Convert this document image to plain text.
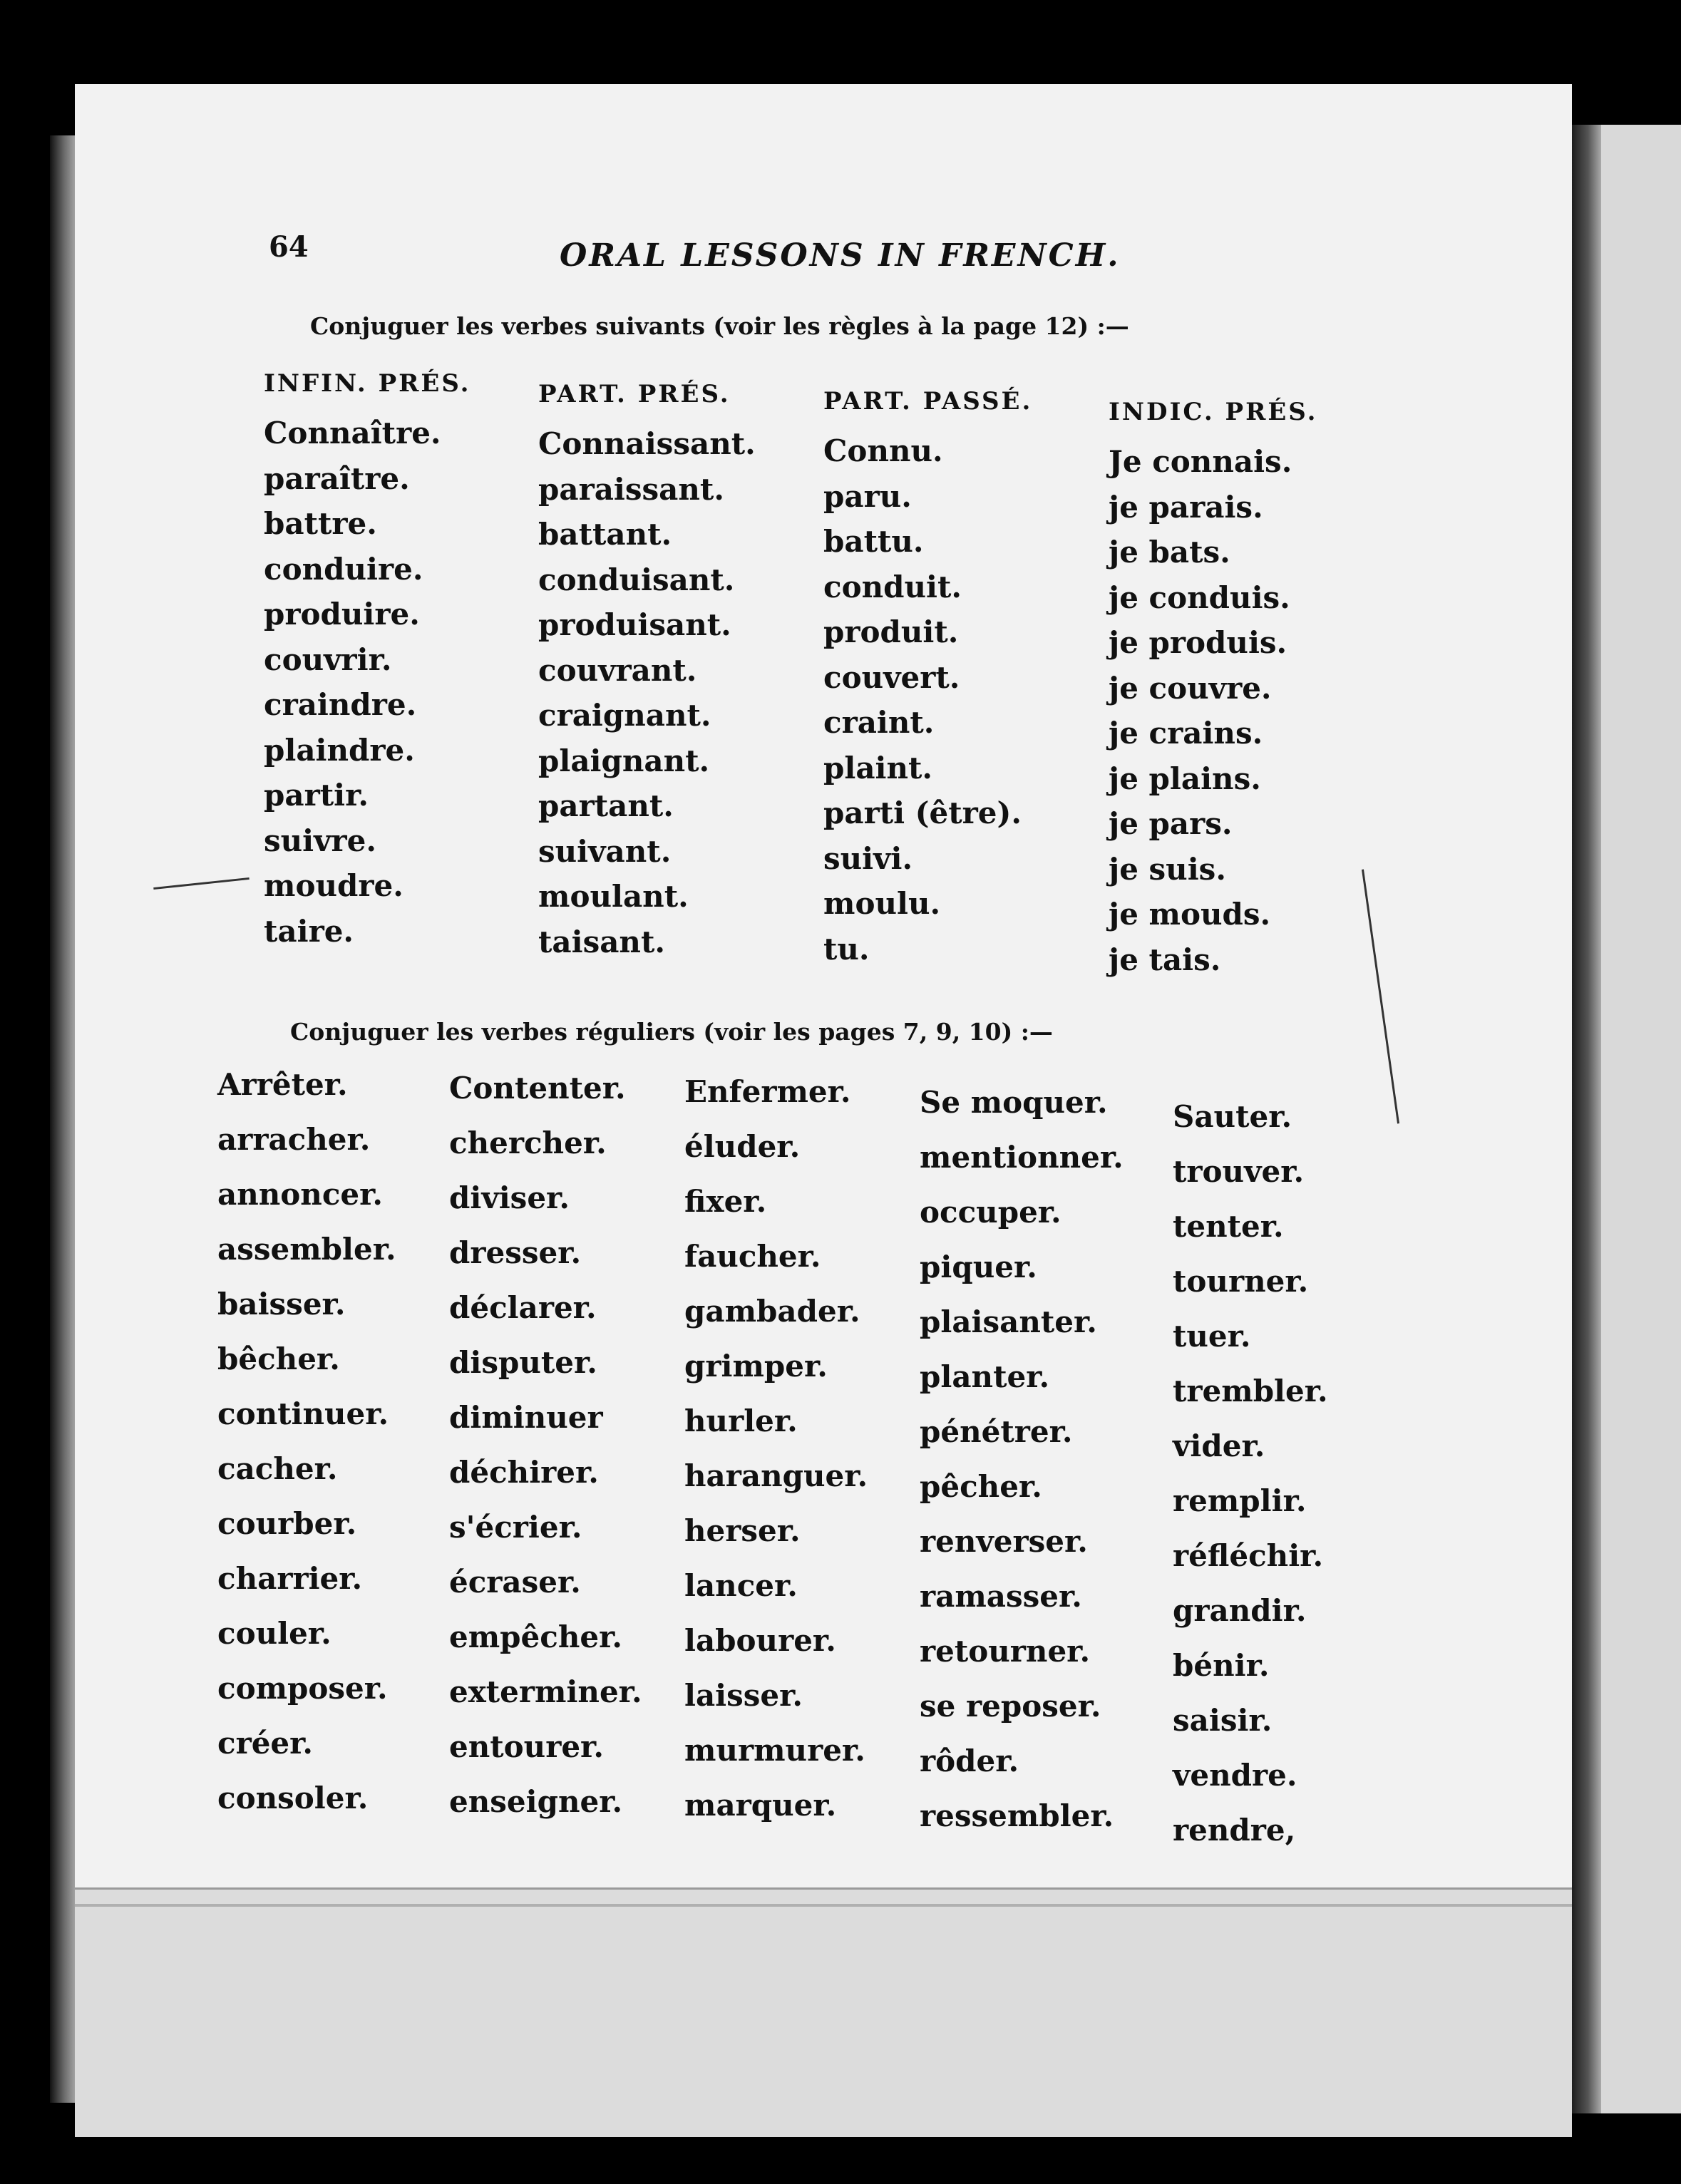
64	ORAL LESSONS IN FRENCH.
Conjuguer les verbes suivants (voir les règles à la page 12) :—
INFIN. PRÉS.
Connaître.
paraître.
battre.
conduire.
produire.
couvrir.
craindre.
plaindre.
partir.
suivre.
moudre.
taire.
PART. PRÉS.
Connaissant.
paraissant.
battant.
conduisant.
produisant.
couvrant.
craignant.
plaignant.
partant.
suivant.
moulant.
taisant.
PART. PASSÉ.
Connu.
paru.
battu.
conduit.
produit.
couvert.
craint.
plaint.
parti (être).
suivi.
moulu.
tu.
INDIC. PRÉS.
Je connais.
je parais.
je bats.
je conduis.
je produis.
je couvre.
je crains.
je plains.
je pars.
je suis.
je mouds.
je tais.
Conjuguer les verbes réguliers (voir les pages 7, 9, 10) :—
Arrêter.
arracher.
annoncer.
assembler.
baisser.
bêcher.
continuer.
cacher.
courber.
charrier.
couler.
composer.
créer.
consoler.
Contenter.
chercher.
diviser.
dresser.
déclarer.
disputer.
diminuer
déchirer.
s'écrier.
écraser.
empêcher.
exterminer.
entourer.
enseigner.
Enfermer.
éluder.
fixer.
faucher.
gambader.
grimper.
hurler.
haranguer.
herser.
lancer.
labourer.
laisser.
murmurer.
marquer.
Se moquer.
mentionner.
occuper.
piquer.
plaisanter.
planter.
pénétrer.
pêcher.
renverser.
ramasser.
retourner.
se reposer.
rôder.
ressembler.
Sauter.
trouver.
tenter.
tourner.
tuer.
trembler.
vider.
remplir.
réfléchir.
grandir.
bénir.
saisir.
vendre.
rendre,
